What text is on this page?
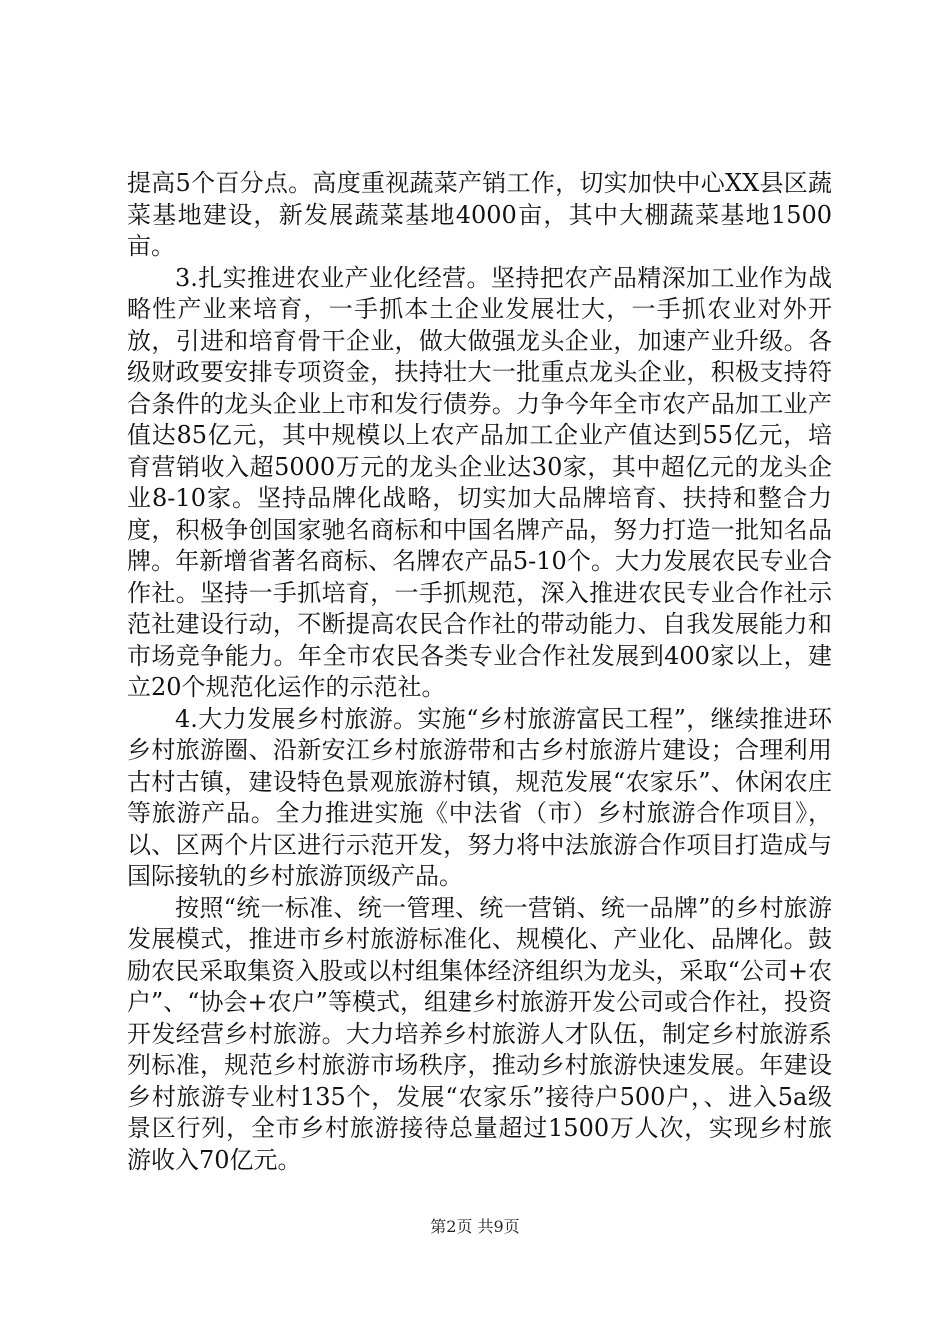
提高5个百分点。高度重视蔬菜产销工作，切实加快中心XX县区蔬菜基地建设，新发展蔬菜基地4000亩，其中大棚蔬菜基地1500亩。

3.扎实推进农业产业化经营。坚持把农产品精深加工业作为战略性产业来培育，一手抓本土企业发展壮大，一手抓农业对外开放，引进和培育骨干企业，做大做强龙头企业，加速产业升级。各级财政要安排专项资金，扶持壮大一批重点龙头企业，积极支持符合条件的龙头企业上市和发行债券。力争今年全市农产品加工业产值达85亿元，其中规模以上农产品加工企业产值达到55亿元，培育营销收入超5000万元的龙头企业达30家，其中超亿元的龙头企业8-10家。坚持品牌化战略，切实加大品牌培育、扶持和整合力度，积极争创国家驰名商标和中国名牌产品，努力打造一批知名品牌。年新增省著名商标、名牌农产品5-10个。大力发展农民专业合作社。坚持一手抓培育，一手抓规范，深入推进农民专业合作社示范社建设行动，不断提高农民合作社的带动能力、自我发展能力和市场竞争能力。年全市农民各类专业合作社发展到400家以上，建立20个规范化运作的示范社。

4.大力发展乡村旅游。实施“乡村旅游富民工程”，继续推进环乡村旅游圈、沿新安江乡村旅游带和古乡村旅游片建设；合理利用古村古镇，建设特色景观旅游村镇，规范发展“农家乐”、休闲农庄等旅游产品。全力推进实施《中法省（市）乡村旅游合作项目》，以、区两个片区进行示范开发，努力将中法旅游合作项目打造成与国际接轨的乡村旅游顶级产品。

按照“统一标准、统一管理、统一营销、统一品牌”的乡村旅游发展模式，推进市乡村旅游标准化、规模化、产业化、品牌化。鼓励农民采取集资入股或以村组集体经济组织为龙头，采取“公司+农户”、“协会+农户”等模式，组建乡村旅游开发公司或合作社，投资开发经营乡村旅游。大力培养乡村旅游人才队伍，制定乡村旅游系列标准，规范乡村旅游市场秩序，推动乡村旅游快速发展。年建设乡村旅游专业村135个，发展“农家乐”接待户500户，、进入5a级景区行列，全市乡村旅游接待总量超过1500万人次，实现乡村旅游收入70亿元。

第2页 共9页
